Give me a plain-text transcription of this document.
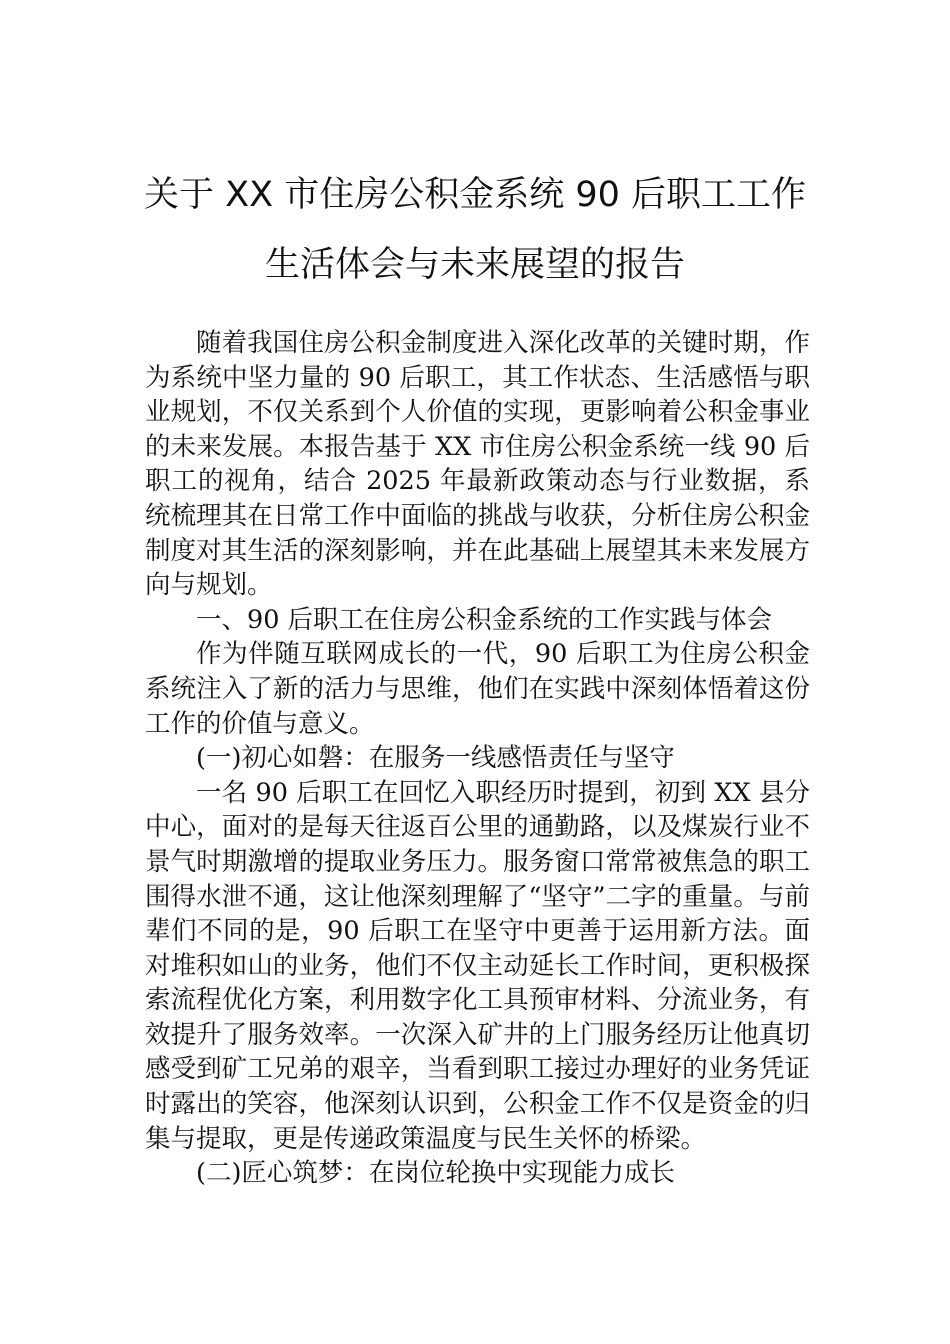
关于 XX 市住房公积金系统 90 后职工工作
生活体会与未来展望的报告

随着我国住房公积金制度进入深化改革的关键时期，作为系统中坚力量的 90 后职工，其工作状态、生活感悟与职业规划，不仅关系到个人价值的实现，更影响着公积金事业的未来发展。本报告基于 XX 市住房公积金系统一线 90 后职工的视角，结合 2025 年最新政策动态与行业数据，系统梳理其在日常工作中面临的挑战与收获，分析住房公积金制度对其生活的深刻影响，并在此基础上展望其未来发展方向与规划。

一、90 后职工在住房公积金系统的工作实践与体会

作为伴随互联网成长的一代，90 后职工为住房公积金系统注入了新的活力与思维，他们在实践中深刻体悟着这份工作的价值与意义。

(一)初心如磐：在服务一线感悟责任与坚守

一名 90 后职工在回忆入职经历时提到，初到 XX 县分中心，面对的是每天往返百公里的通勤路，以及煤炭行业不景气时期激增的提取业务压力。服务窗口常常被焦急的职工围得水泄不通，这让他深刻理解了“坚守”二字的重量。与前辈们不同的是，90 后职工在坚守中更善于运用新方法。面对堆积如山的业务，他们不仅主动延长工作时间，更积极探索流程优化方案，利用数字化工具预审材料、分流业务，有效提升了服务效率。一次深入矿井的上门服务经历让他真切感受到矿工兄弟的艰辛，当看到职工接过办理好的业务凭证时露出的笑容，他深刻认识到，公积金工作不仅是资金的归集与提取，更是传递政策温度与民生关怀的桥梁。

(二)匠心筑梦：在岗位轮换中实现能力成长
